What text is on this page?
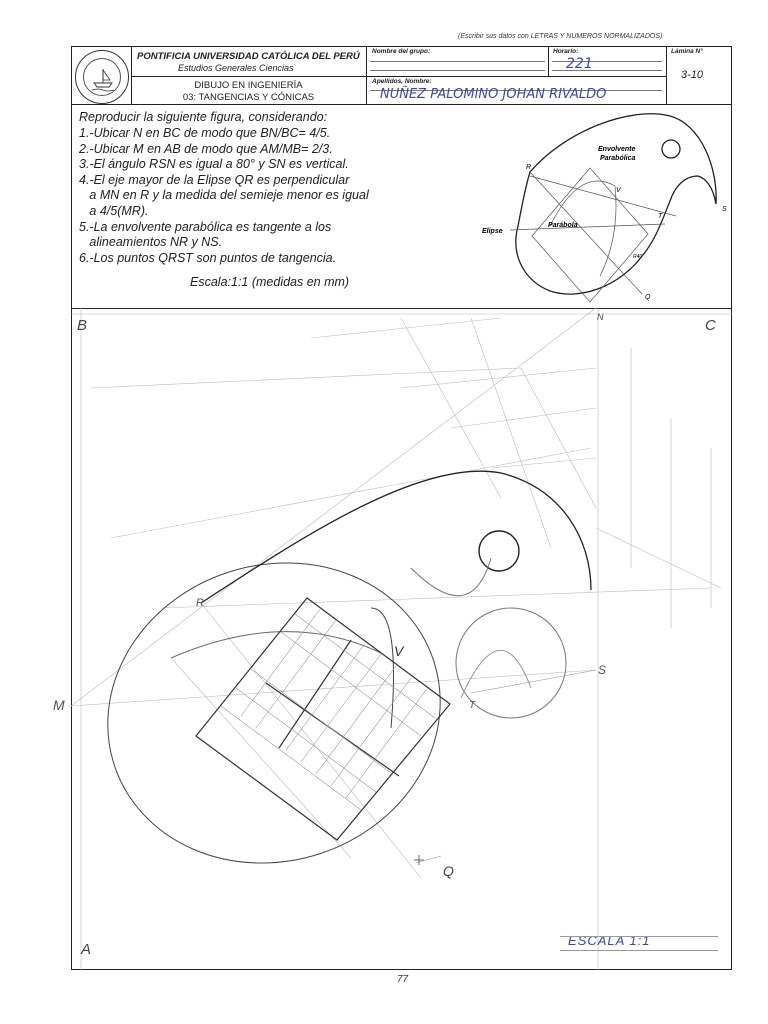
(Escribir sus datos con LETRAS Y NUMEROS NORMALIZADOS)
PONTIFICIA UNIVERSIDAD CATÓLICA DEL PERÚ
Estudios Generales Ciencias
DIBUJO EN INGENIERÍA
03: TANGENCIAS Y CÓNICAS
Nombre del grupo:	Horario:
221
Lámina N°
3-10
Apellidos, Nombre:
NUÑEZ PALOMINO JOHAN RIVALDO
Reproducir la siguiente figura, considerando:
1.-Ubicar N en BC de modo que BN/BC= 4/5.
2.-Ubicar M en AB de modo que AM/MB= 2/3.
3.-El ángulo RSN es igual a 80° y SN es vertical.
4.-El eje mayor de la Elipse QR es perpendicular
a MN en R y la medida del semieje menor es igual
a 4/5(MR).
5.-La envolvente parabólica es tangente a los
alineamientos NR y NS.
6.-Los puntos QRST son puntos de tangencia.
Escala:1:1 (medidas en mm)
Envolvente
Parabólica
Parábola
Elipse
R
V
T
S
Q
R40
B	C
N
M
A
R
V
S
T
Q
ESCALA 1:1
77
